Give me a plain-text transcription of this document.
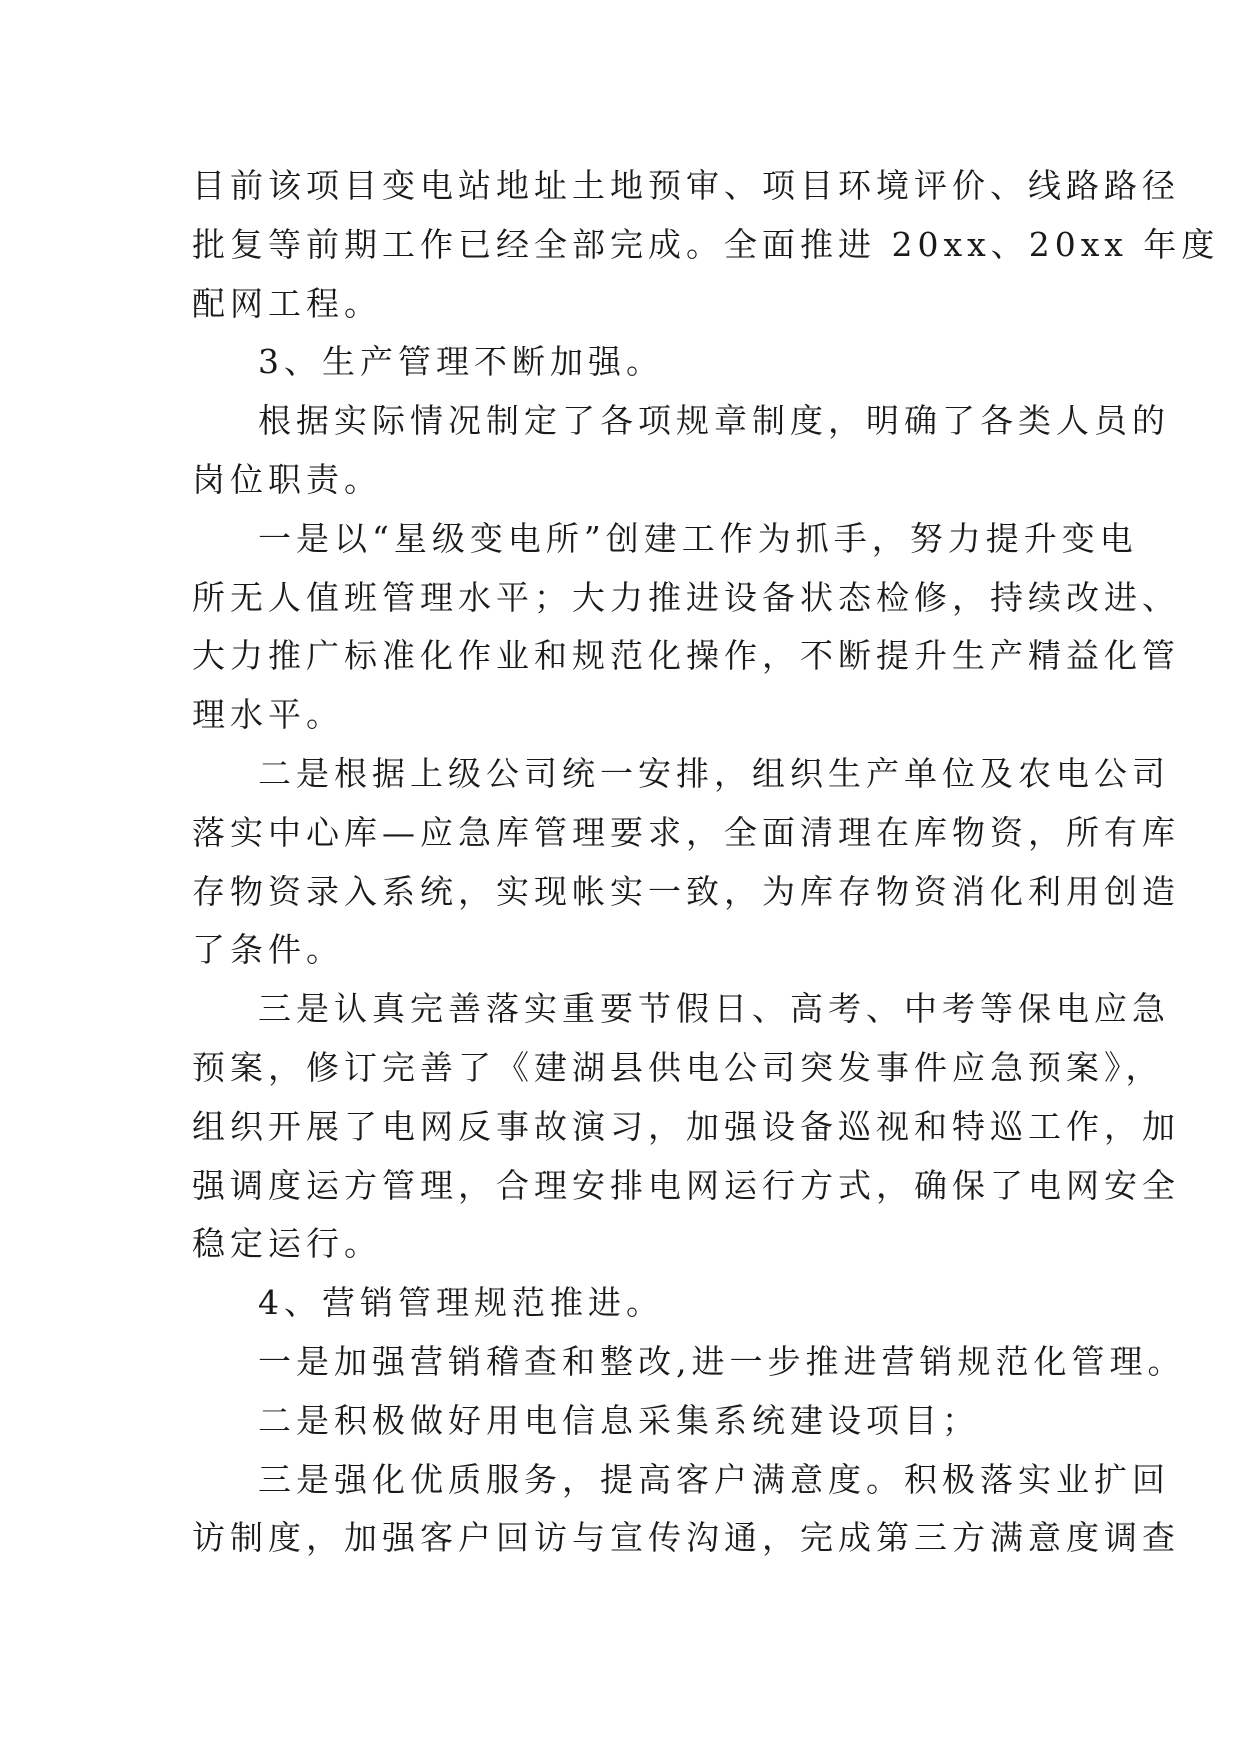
目前该项目变电站地址土地预审、项目环境评价、线路路径
批复等前期工作已经全部完成。全面推进 20xx、20xx 年度
配网工程。
3、生产管理不断加强。
根据实际情况制定了各项规章制度，明确了各类人员的
岗位职责。
一是以“星级变电所”创建工作为抓手，努力提升变电
所无人值班管理水平；大力推进设备状态检修，持续改进、
大力推广标准化作业和规范化操作，不断提升生产精益化管
理水平。
二是根据上级公司统一安排，组织生产单位及农电公司
落实中心库—应急库管理要求，全面清理在库物资，所有库
存物资录入系统，实现帐实一致，为库存物资消化利用创造
了条件。
三是认真完善落实重要节假日、高考、中考等保电应急
预案，修订完善了《建湖县供电公司突发事件应急预案》，
组织开展了电网反事故演习，加强设备巡视和特巡工作，加
强调度运方管理，合理安排电网运行方式，确保了电网安全
稳定运行。
4、营销管理规范推进。
一是加强营销稽查和整改,进一步推进营销规范化管理。
二是积极做好用电信息采集系统建设项目；
三是强化优质服务，提高客户满意度。积极落实业扩回
访制度，加强客户回访与宣传沟通，完成第三方满意度调查
